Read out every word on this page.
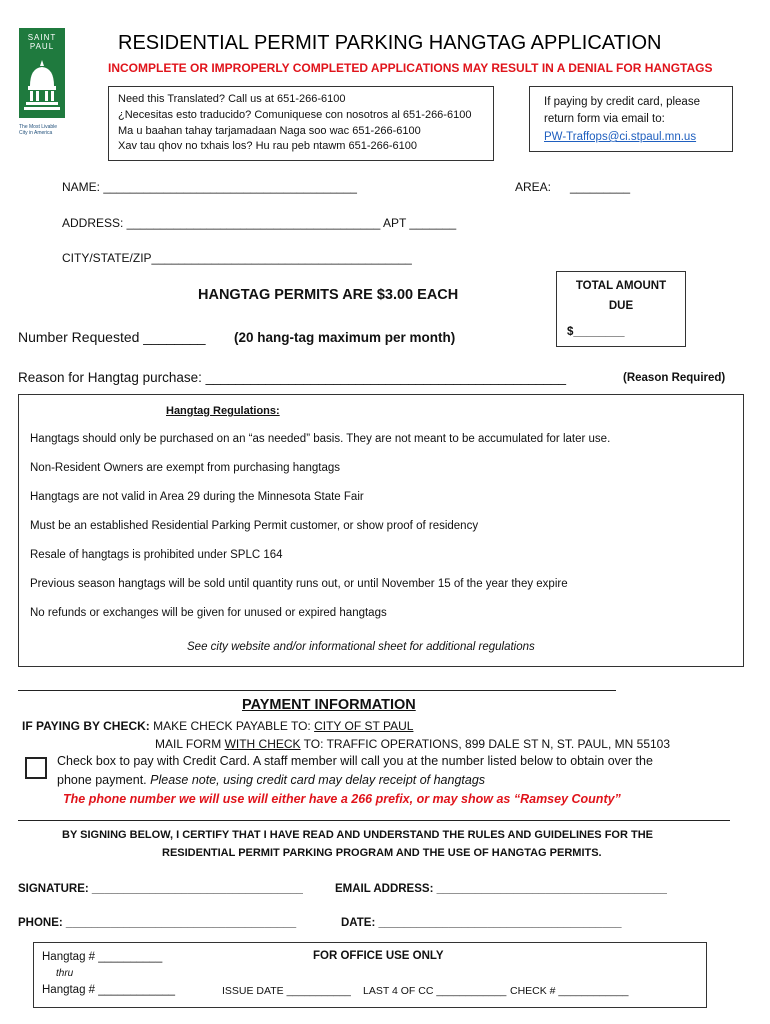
SAINT
PAUL
The Most Livable
City in America
RESIDENTIAL PERMIT PARKING HANGTAG APPLICATION
INCOMPLETE OR IMPROPERLY COMPLETED APPLICATIONS MAY RESULT IN A DENIAL FOR HANGTAGS
Need this Translated? Call us at 651-266-6100
¿Necesitas esto traducido? Comuniquese con nosotros al 651-266-6100
Ma u baahan tahay tarjamadaan Naga soo wac 651-266-6100
Xav tau qhov no txhais los? Hu rau peb ntawm 651-266-6100
If paying by credit card, please
return form via email to:
PW-Traffops@ci.stpaul.mn.us
NAME: ______________________________________	AREA: _________
ADDRESS: ______________________________________ APT _______
CITY/STATE/ZIP_______________________________________
TOTAL AMOUNT
DUE
$________
HANGTAG PERMITS ARE $3.00 EACH
Number Requested ________ (20 hang-tag maximum per month)
Reason for Hangtag purchase: ________________________________________________	(Reason Required)
Hangtag Regulations:
Hangtags should only be purchased on an “as needed” basis. They are not meant to be accumulated for later use.
Non-Resident Owners are exempt from purchasing hangtags
Hangtags are not valid in Area 29 during the Minnesota State Fair
Must be an established Residential Parking Permit customer, or show proof of residency
Resale of hangtags is prohibited under SPLC 164
Previous season hangtags will be sold until quantity runs out, or until November 15 of the year they expire
No refunds or exchanges will be given for unused or expired hangtags
See city website and/or informational sheet for additional regulations
PAYMENT INFORMATION
IF PAYING BY CHECK: MAKE CHECK PAYABLE TO: CITY OF ST PAUL
MAIL FORM WITH CHECK TO: TRAFFIC OPERATIONS, 899 DALE ST N, ST. PAUL, MN 55103
Check box to pay with Credit Card. A staff member will call you at the number listed below to obtain over the
phone payment. Please note, using credit card may delay receipt of hangtags
The phone number we will use will either have a 266 prefix, or may show as “Ramsey County”
BY SIGNING BELOW, I CERTIFY THAT I HAVE READ AND UNDERSTAND THE RULES AND GUIDELINES FOR THE
RESIDENTIAL PERMIT PARKING PROGRAM AND THE USE OF HANGTAG PERMITS.
SIGNATURE: _________________________________	EMAIL ADDRESS: ____________________________________
PHONE: ____________________________________	DATE: ______________________________________
Hangtag # __________
thru
Hangtag # ____________
FOR OFFICE USE ONLY
ISSUE DATE ___________ LAST 4 OF CC ____________ CHECK # ____________
